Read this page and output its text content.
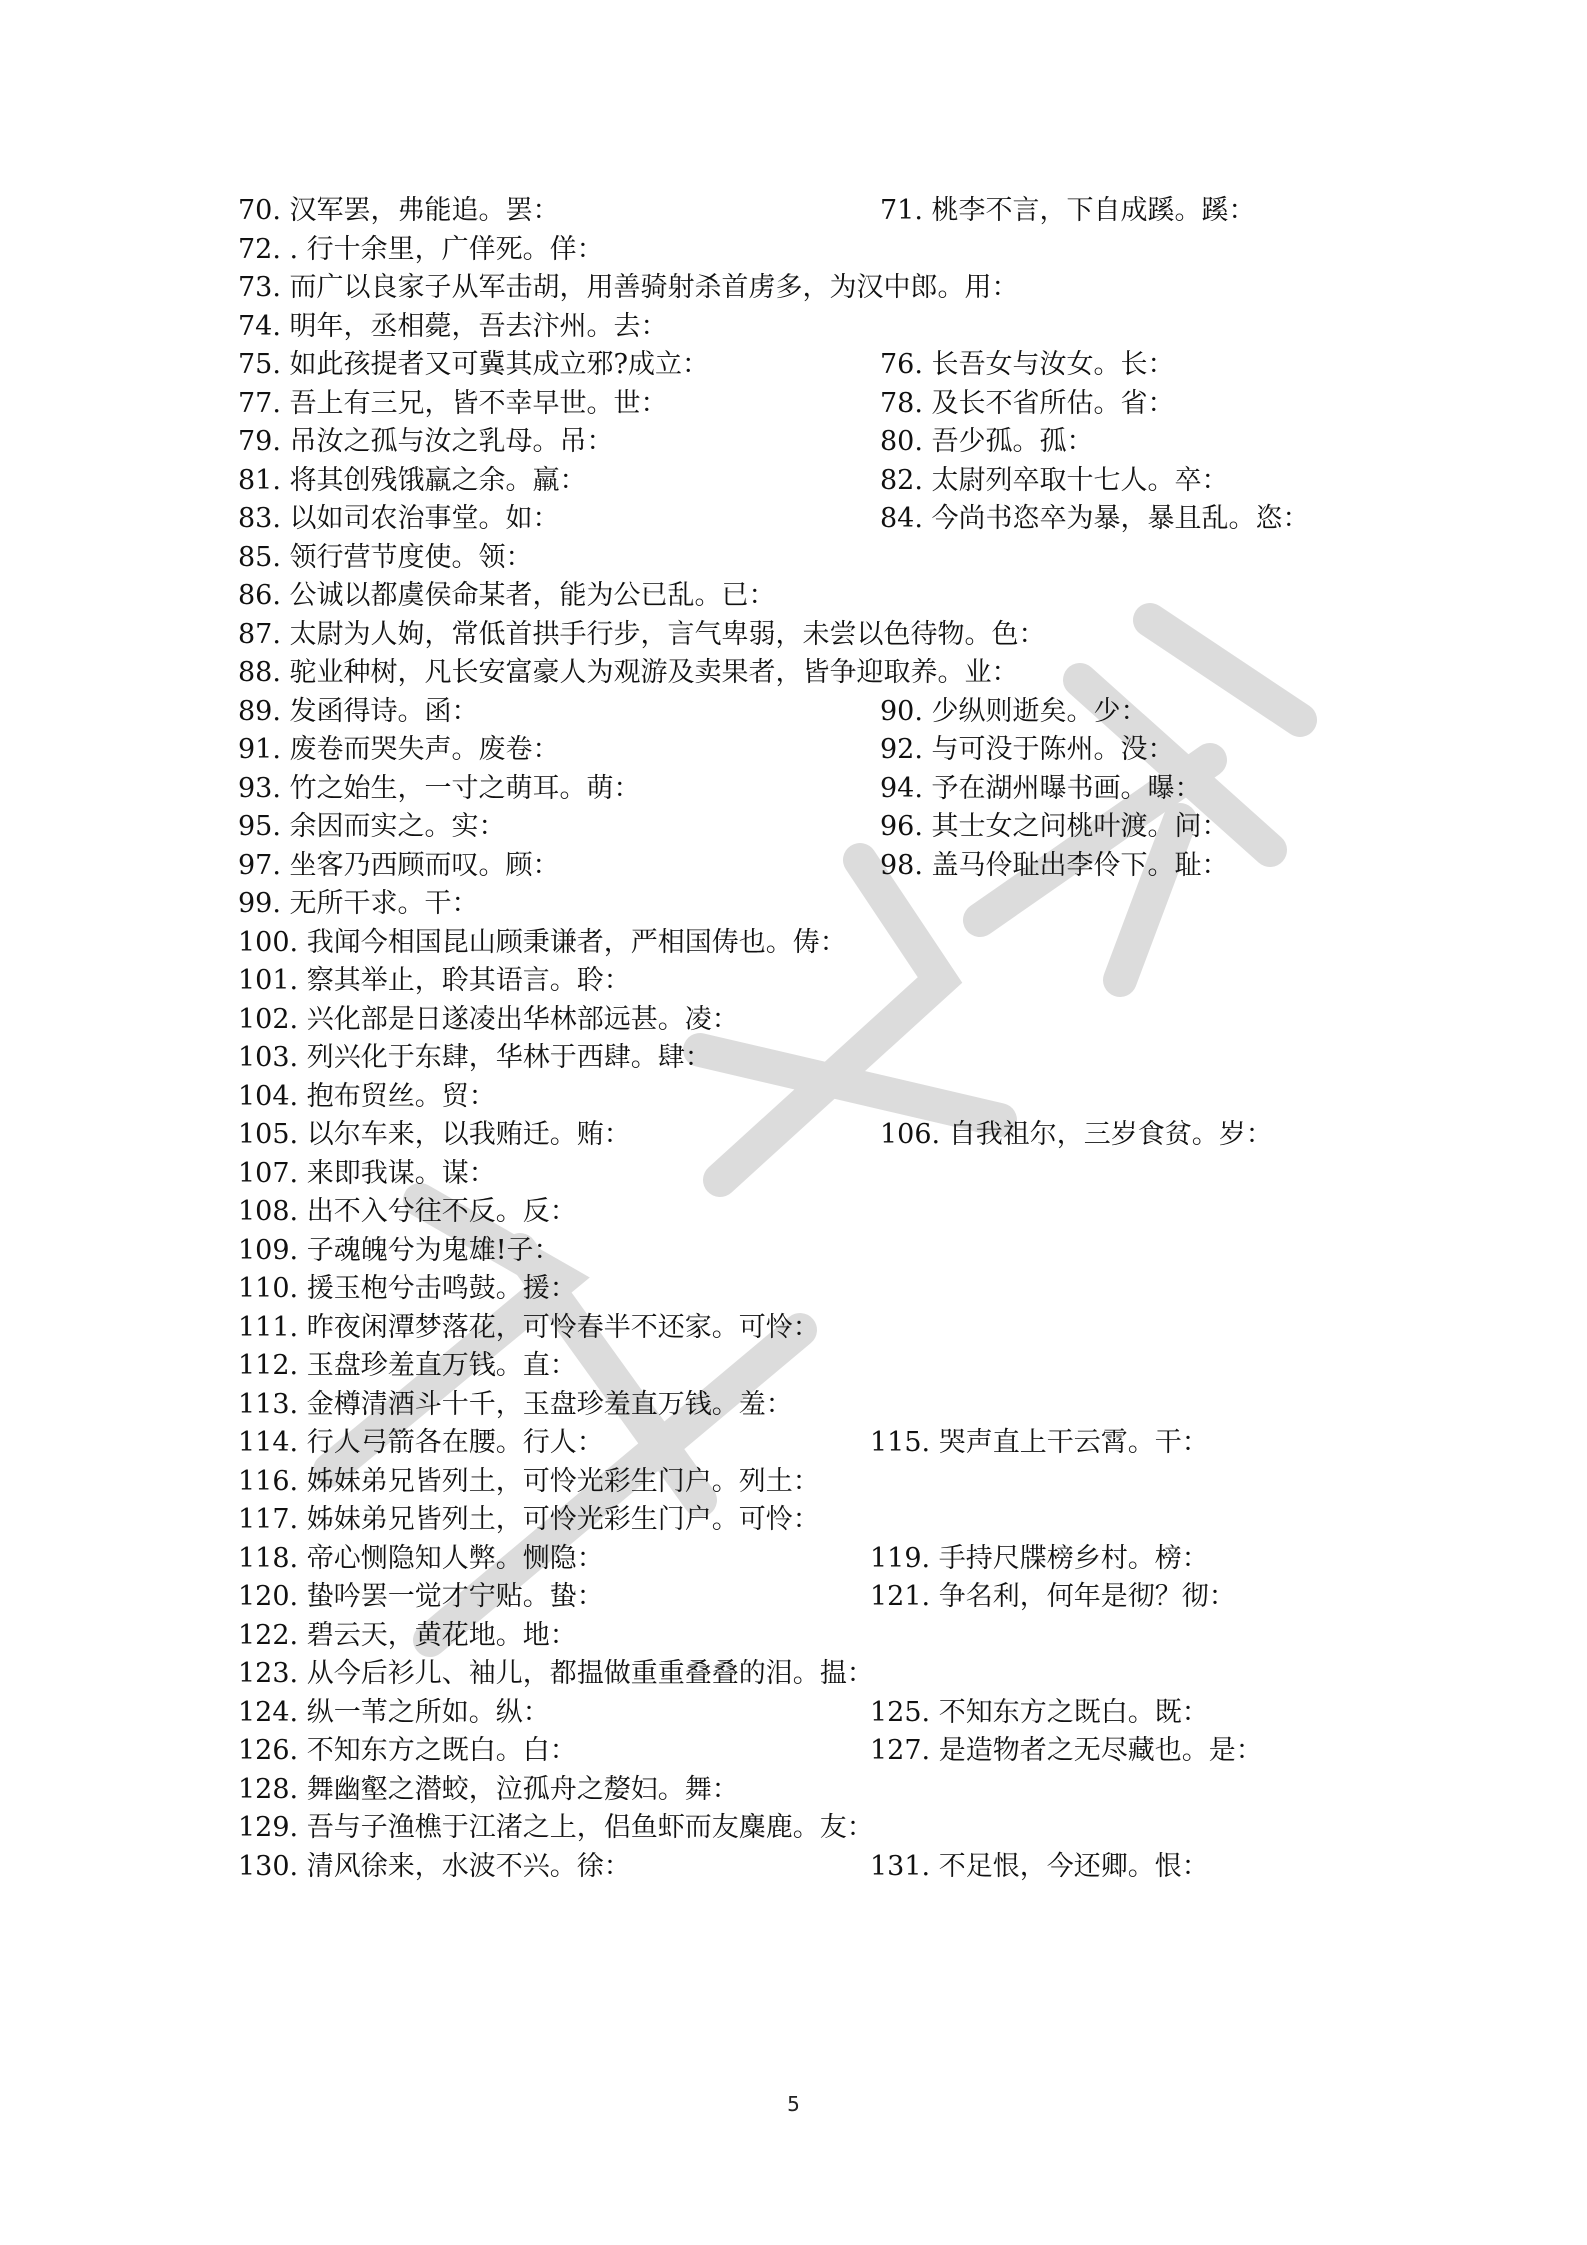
70. 汉军罢，弗能追。罢：	71. 桃李不言，下自成蹊。蹊：
72. . 行十余里，广佯死。佯：
73. 而广以良家子从军击胡，用善骑射杀首虏多，为汉中郎。用：
74. 明年，丞相薨，吾去汴州。去：
75. 如此孩提者又可冀其成立邪?成立：	76. 长吾女与汝女。长：
77. 吾上有三兄，皆不幸早世。世：	78. 及长不省所估。省：
79. 吊汝之孤与汝之乳母。吊：	80. 吾少孤。孤：
81. 将其创残饿羸之余。羸：	82. 太尉列卒取十七人。卒：
83. 以如司农治事堂。如：	84. 今尚书恣卒为暴，暴且乱。恣：
85. 领行营节度使。领：
86. 公诚以都虞侯命某者，能为公已乱。已：
87. 太尉为人姁，常低首拱手行步，言气卑弱，未尝以色待物。色：
88. 驼业种树，凡长安富豪人为观游及卖果者，皆争迎取养。业：
89. 发函得诗。函：	90. 少纵则逝矣。少：
91. 废卷而哭失声。废卷：	92. 与可没于陈州。没：
93. 竹之始生，一寸之萌耳。萌：	94. 予在湖州曝书画。曝：
95. 余因而实之。实：	96. 其士女之问桃叶渡。问：
97. 坐客乃西顾而叹。顾：	98. 盖马伶耻出李伶下。耻：
99. 无所干求。干：
100. 我闻今相国昆山顾秉谦者，严相国俦也。俦：
101. 察其举止，聆其语言。聆：
102. 兴化部是日遂凌出华林部远甚。凌：
103. 列兴化于东肆，华林于西肆。肆：
104. 抱布贸丝。贸：
105. 以尔车来，以我贿迁。贿：	106. 自我祖尔，三岁食贫。岁：
107. 来即我谋。谋：
108. 出不入兮往不反。反：
109. 子魂魄兮为鬼雄!子：
110. 援玉枹兮击鸣鼓。援：
111. 昨夜闲潭梦落花，可怜春半不还家。可怜：
112. 玉盘珍羞直万钱。直：
113. 金樽清酒斗十千，玉盘珍羞直万钱。羞：
114. 行人弓箭各在腰。行人：	115. 哭声直上干云霄。干：
116. 姊妹弟兄皆列土，可怜光彩生门户。列土：
117. 姊妹弟兄皆列土，可怜光彩生门户。可怜：
118. 帝心恻隐知人弊。恻隐：	119. 手持尺牒榜乡村。榜：
120. 蛰吟罢一觉才宁贴。蛰：	121. 争名利，何年是彻？彻：
122. 碧云天，黄花地。地：
123. 从今后衫儿、袖儿，都揾做重重叠叠的泪。揾：
124. 纵一苇之所如。纵：	125. 不知东方之既白。既：
126. 不知东方之既白。白：	127. 是造物者之无尽藏也。是：
128. 舞幽壑之潜蛟，泣孤舟之嫠妇。舞：
129. 吾与子渔樵于江渚之上，侣鱼虾而友麋鹿。友：
130. 清风徐来，水波不兴。徐：	131. 不足恨，今还卿。恨：
5
